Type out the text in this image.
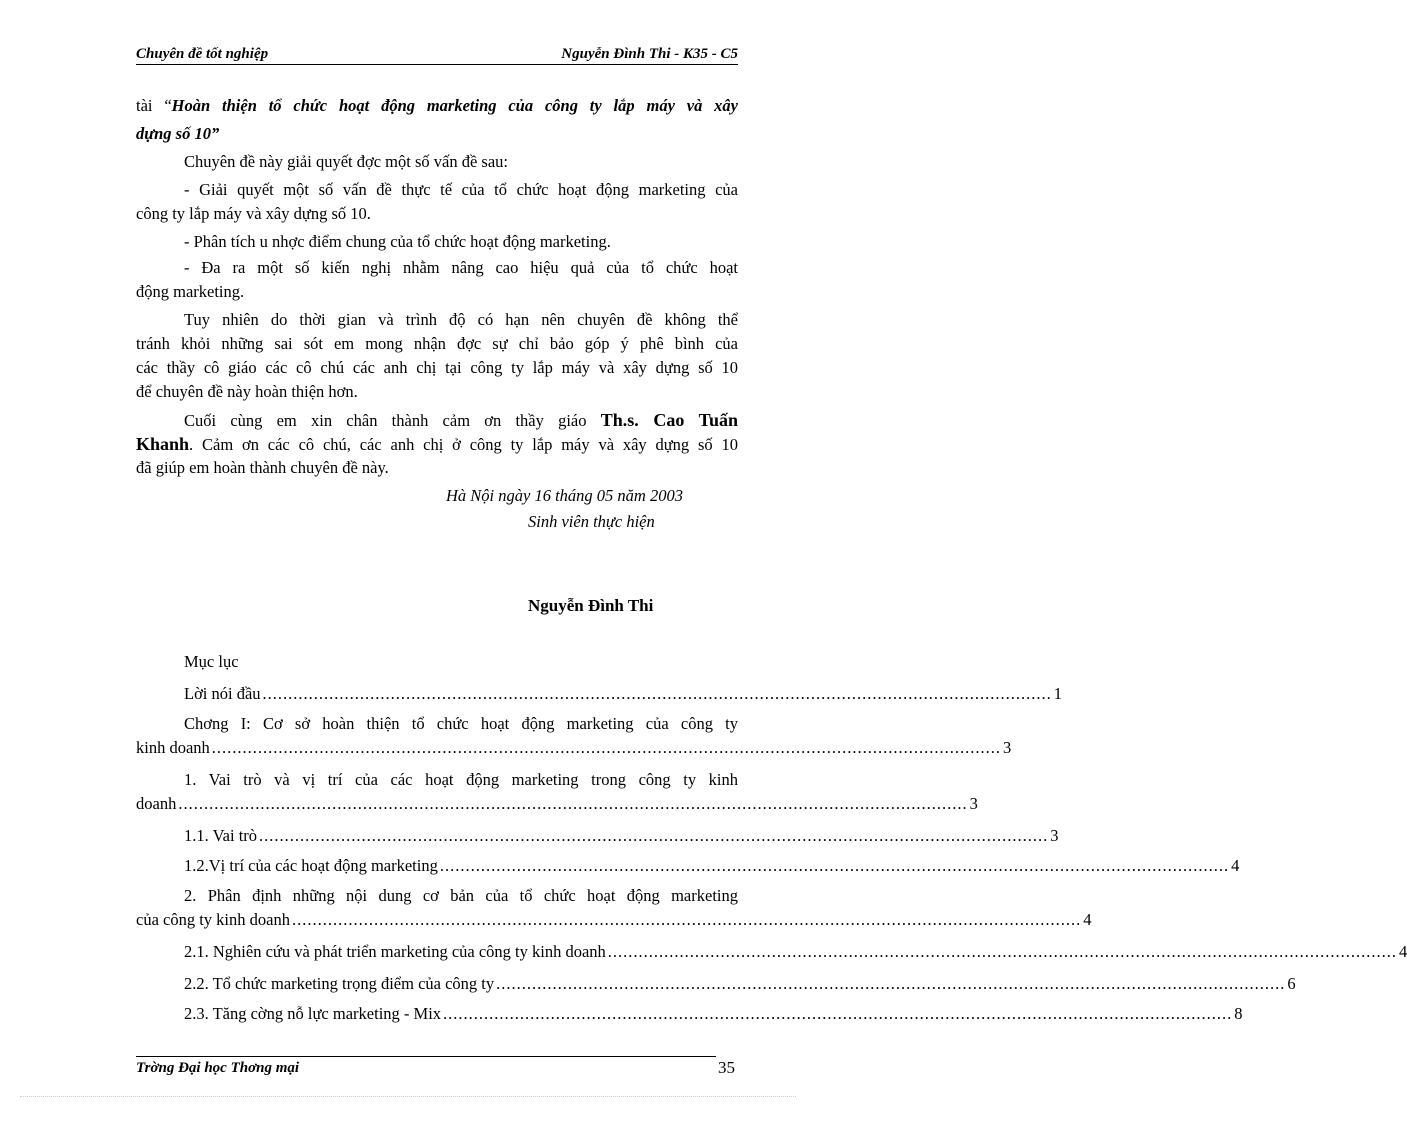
Chuyên đề tốt nghiệp	Nguyễn Đình Thi - K35 - C5
tài “Hoàn thiện tổ chức hoạt động marketing của công ty lắp máy và xây
dựng số 10”
Chuyên đề này giải quyết đợc một số vấn đề sau:
- Giải quyết một số vấn đề thực tế của tổ chức hoạt động marketing của
công ty lắp máy và xây dựng số 10.
- Phân tích u nhợc điểm chung của tổ chức hoạt động marketing.
- Đa ra một số kiến nghị nhằm nâng cao hiệu quả của tổ chức hoạt
động marketing.
Tuy nhiên do thời gian và trình độ có hạn nên chuyên đề không thể
tránh khỏi những sai sót em mong nhận đợc sự chỉ bảo góp ý phê bình của
các thầy cô giáo các cô chú các anh chị tại công ty lắp máy và xây dựng số 10
để chuyên đề này hoàn thiện hơn.
Cuối cùng em xin chân thành cảm ơn thầy giáo Th.s. Cao Tuấn
Khanh. Cảm ơn các cô chú, các anh chị ở công ty lắp máy và xây dựng số 10
đã giúp em hoàn thành chuyên đề này.
Hà Nội ngày 16 tháng 05 năm 2003
Sinh viên thực hiện
Nguyễn Đình Thi
Mục lục
Lời nói đầu .......................................................................................................................................................... 1
Chơng I: Cơ sở hoàn thiện tổ chức hoạt động marketing của công ty
kinh doanh .......................................................................................................................................................... 3
1. Vai trò và vị trí của các hoạt động marketing trong công ty kinh
doanh .......................................................................................................................................................... 3
1.1. Vai trò .......................................................................................................................................................... 3
1.2.Vị trí của các hoạt động marketing .......................................................................................................................................................... 4
2. Phân định những nội dung cơ bản của tổ chức hoạt động marketing
của công ty kinh doanh .......................................................................................................................................................... 4
2.1. Nghiên cứu và phát triển marketing của công ty kinh doanh .......................................................................................................................................................... 4
2.2. Tổ chức marketing trọng điểm của công ty .......................................................................................................................................................... 6
2.3. Tăng cờng nỗ lực marketing - Mix .......................................................................................................................................................... 8
Trờng Đại học Thơng mại	35
